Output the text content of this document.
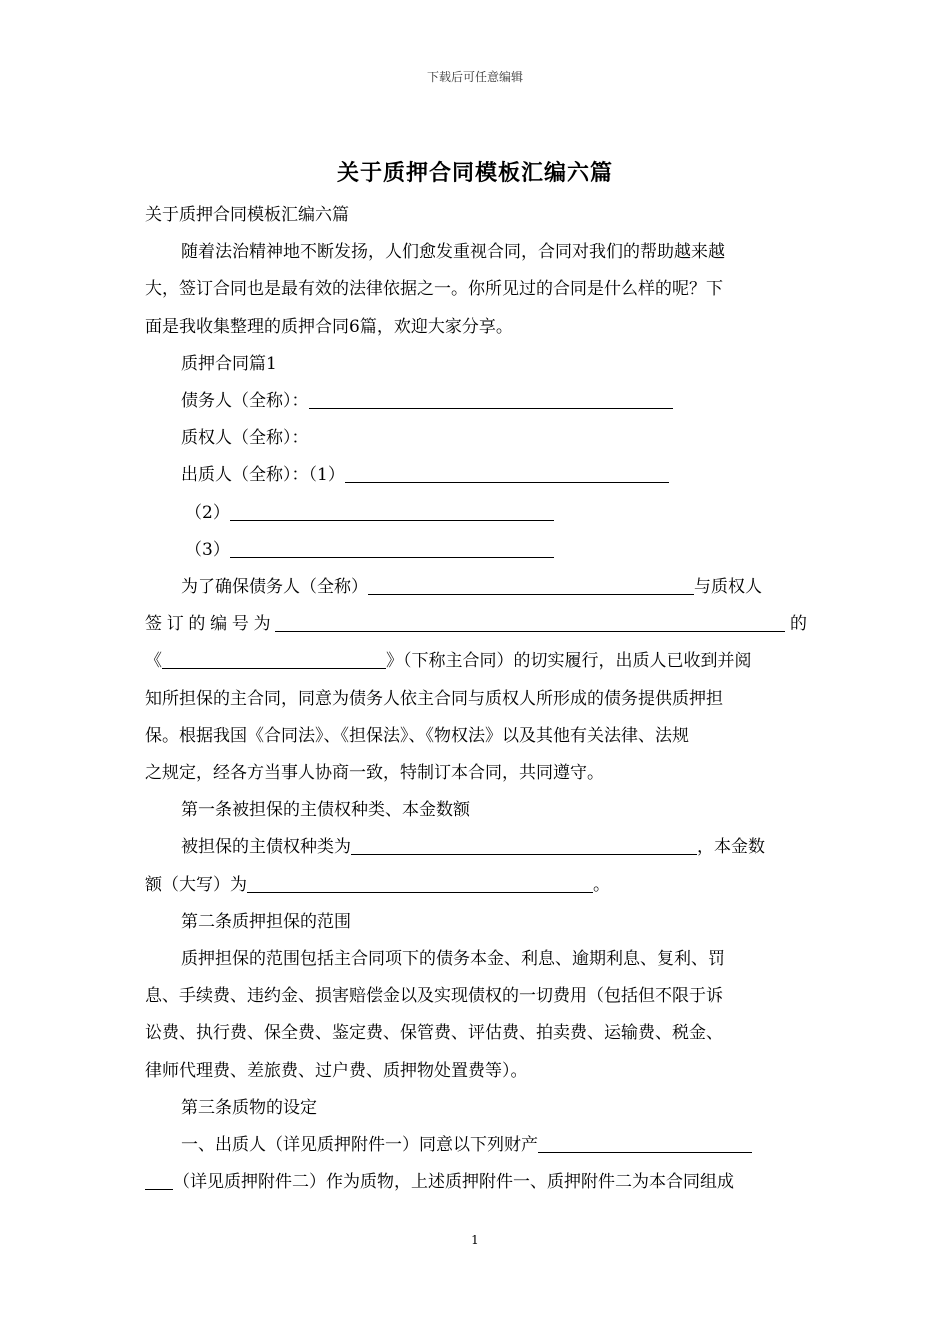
下载后可任意编辑
关于质押合同模板汇编六篇

关于质押合同模板汇编六篇

随着法治精神地不断发扬，人们愈发重视合同，合同对我们的帮助越来越

大，签订合同也是最有效的法律依据之一。你所见过的合同是什么样的呢？下

面是我收集整理的质押合同6篇，欢迎大家分享。

质押合同篇1

债务人（全称）：

质权人（全称）：

出质人（全称）：（1）

（2）

（3）

为了确保债务人（全称）	与质权人

签订的编号为	的

《	》（下称主合同）的切实履行，出质人已收到并阅

知所担保的主合同，同意为债务人依主合同与质权人所形成的债务提供质押担

保。根据我国《合同法》、《担保法》、《物权法》以及其他有关法律、法规

之规定，经各方当事人协商一致，特制订本合同，共同遵守。

第一条被担保的主债权种类、本金数额

被担保的主债权种类为	，本金数

额（大写）为	。

第二条质押担保的范围

质押担保的范围包括主合同项下的债务本金、利息、逾期利息、复利、罚

息、手续费、违约金、损害赔偿金以及实现债权的一切费用（包括但不限于诉

讼费、执行费、保全费、鉴定费、保管费、评估费、拍卖费、运输费、税金、

律师代理费、差旅费、过户费、质押物处置费等）。

第三条质物的设定

一、出质人（详见质押附件一）同意以下列财产

（详见质押附件二）作为质物，上述质押附件一、质押附件二为本合同组成

1
